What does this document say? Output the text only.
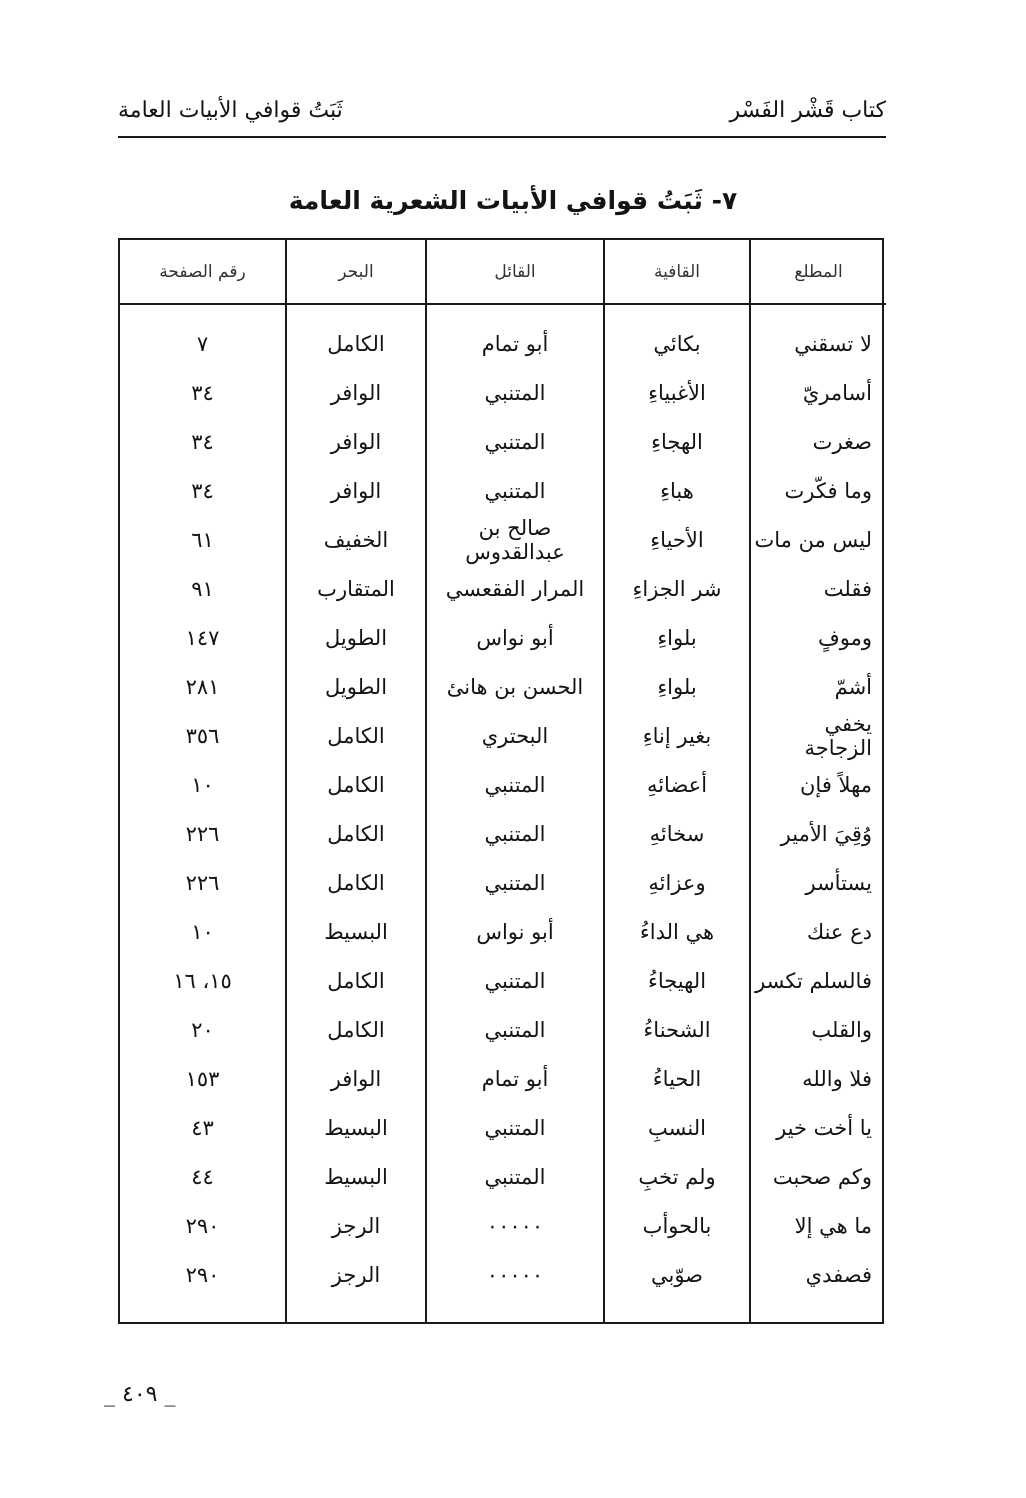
ثَبَتُ قوافي الأبيات العامة	كتاب قَشْر الفَسْر
٧- ثَبَتُ قوافي الأبيات الشعرية العامة
المطلع	القافية	القائل	البحر	رقم الصفحة
لا تسقني	بكائي	أبو تمام	الكامل	٧
أسامريّ	الأغبياءِ	المتنبي	الوافر	٣٤
صغرت	الهجاءِ	المتنبي	الوافر	٣٤
وما فكّرت	هباءِ	المتنبي	الوافر	٣٤
ليس من مات	الأحياءِ	صالح بن عبدالقدوس	الخفيف	٦١
فقلت	شر الجزاءِ	المرار الفقعسي	المتقارب	٩١
وموفٍ	بلواءِ	أبو نواس	الطويل	١٤٧
أشمّ	بلواءِ	الحسن بن هانئ	الطويل	٢٨١
يخفي الزجاجة	بغير إناءِ	البحتري	الكامل	٣٥٦
مهلاً فإن	أعضائهِ	المتنبي	الكامل	١٠
وُقِيَ الأمير	سخائهِ	المتنبي	الكامل	٢٢٦
يستأسر	وعزائهِ	المتنبي	الكامل	٢٢٦
دع عنك	هي الداءُ	أبو نواس	البسيط	١٠
فالسلم تكسر	الهيجاءُ	المتنبي	الكامل	١٥، ١٦
والقلب	الشحناءُ	المتنبي	الكامل	٢٠
فلا والله	الحياءُ	أبو تمام	الوافر	١٥٣
يا أخت خير	النسبِ	المتنبي	البسيط	٤٣
وكم صحبت	ولم تخبِ	المتنبي	البسيط	٤٤
ما هي إلا	بالحوأب	٠٠٠٠٠	الرجز	٢٩٠
فصفدي	صوّبي	٠٠٠٠٠	الرجز	٢٩٠

_ ٤٠٩ _
